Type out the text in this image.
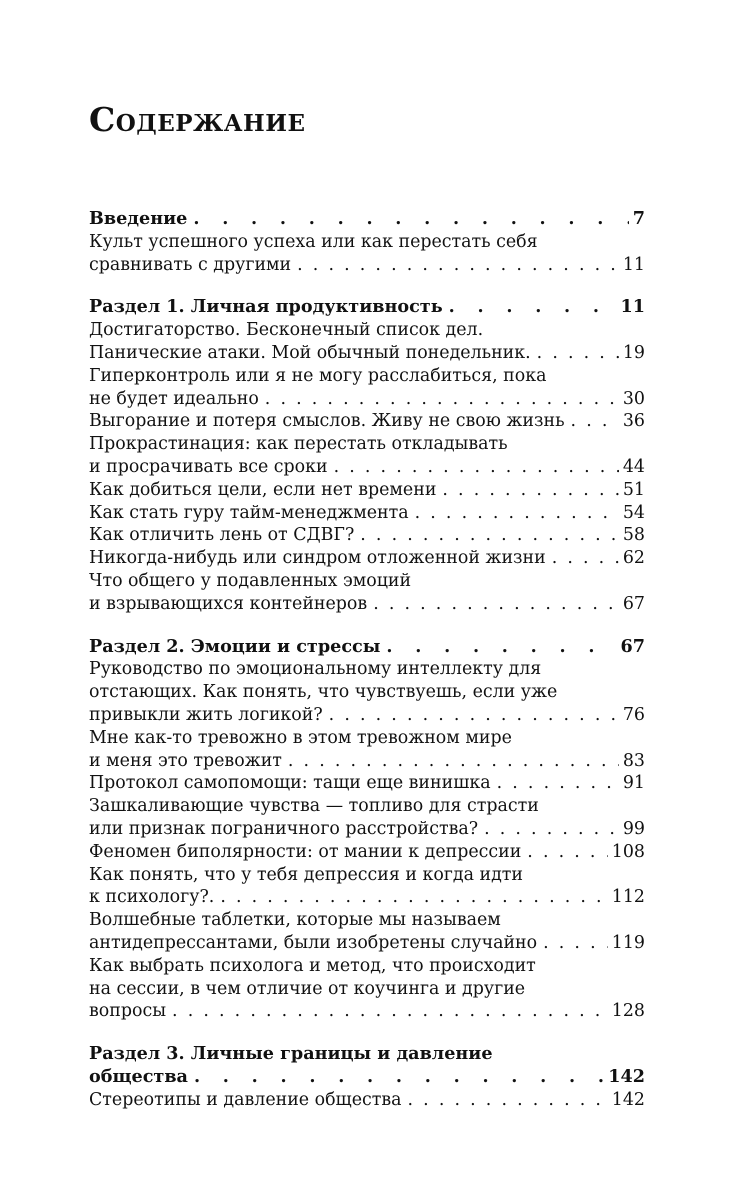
Содержание
Введение . . .	7
Культ успешного успеха или как перестать себя
сравнивать с другими . . .	11
Раздел 1. Личная продуктивность . . .	11
Достигаторство. Бесконечный список дел.
Панические атаки. Мой обычный понедельник. . . .	19
Гиперконтроль или я не могу расслабиться, пока
не будет идеально . . .	30
Выгорание и потеря смыслов. Живу не свою жизнь . . .	36
Прокрастинация: как перестать откладывать
и просрачивать все сроки . . .	44
Как добиться цели, если нет времени . . .	51
Как стать гуру тайм-менеджмента . . .	54
Как отличить лень от СДВГ? . . .	58
Никогда-нибудь или синдром отложенной жизни . . .	62
Что общего у подавленных эмоций
и взрывающихся контейнеров . . .	67
Раздел 2. Эмоции и стрессы . . .	67
Руководство по эмоциональному интеллекту для
отстающих. Как понять, что чувствуешь, если уже
привыкли жить логикой? . . .	76
Мне как-то тревожно в этом тревожном мире
и меня это тревожит . . .	83
Протокол самопомощи: тащи еще винишка . . .	91
Зашкаливающие чувства — топливо для страсти
или признак пограничного расстройства? . . .	99
Феномен биполярности: от мании к депрессии . . .	108
Как понять, что у тебя депрессия и когда идти
к психологу?. . . .	112
Волшебные таблетки, которые мы называем
антидепрессантами, были изобретены случайно . . .	119
Как выбрать психолога и метод, что происходит
на сессии, в чем отличие от коучинга и другие
вопросы . . .	128
Раздел 3. Личные границы и давление
общества . . .	142
Стереотипы и давление общества . . .	142
